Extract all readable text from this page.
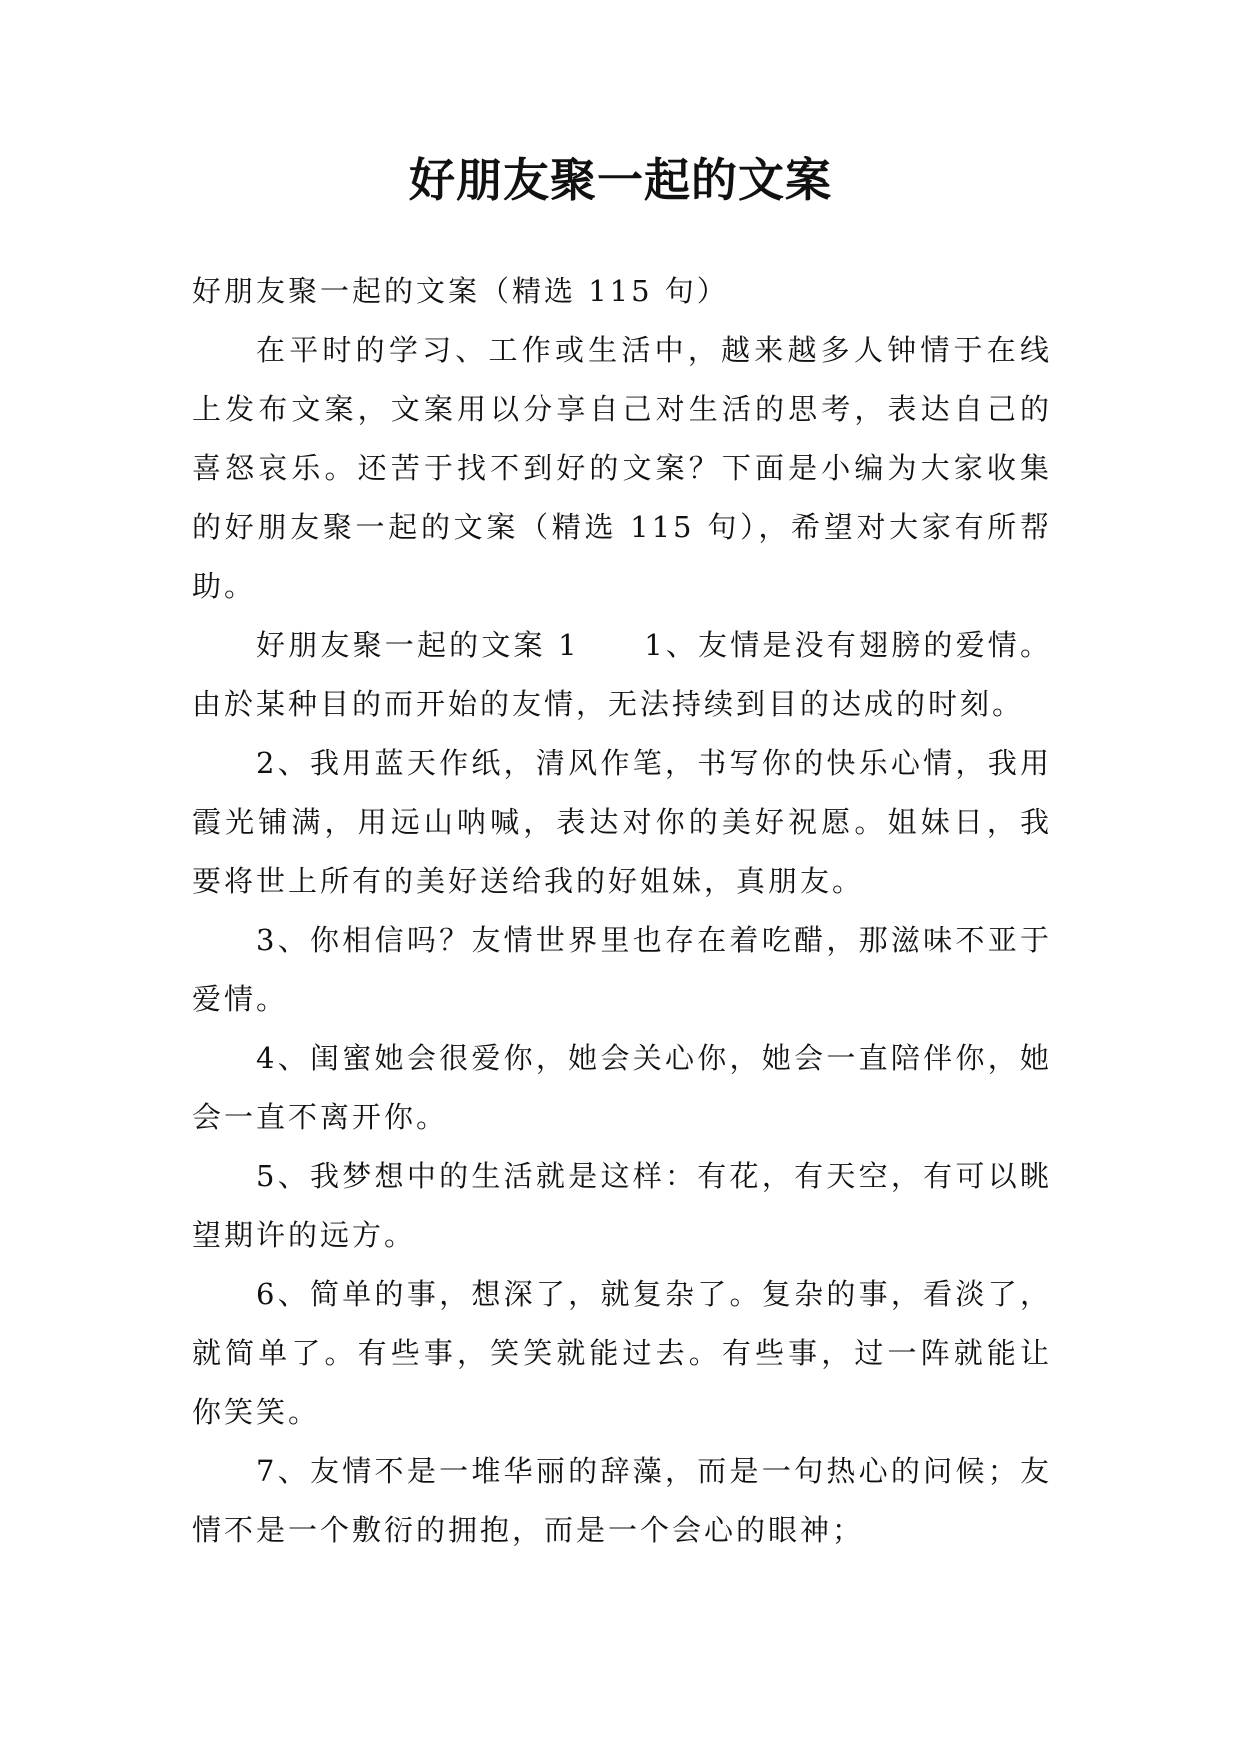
好朋友聚一起的文案

好朋友聚一起的文案（精选 115 句）

在平时的学习、工作或生活中，越来越多人钟情于在线上发布文案，文案用以分享自己对生活的思考，表达自己的喜怒哀乐。还苦于找不到好的文案？下面是小编为大家收集的好朋友聚一起的文案（精选 115 句），希望对大家有所帮助。

好朋友聚一起的文案 1　　1、友情是没有翅膀的爱情。由於某种目的而开始的友情，无法持续到目的达成的时刻。

2、我用蓝天作纸，清风作笔，书写你的快乐心情，我用霞光铺满，用远山呐喊，表达对你的美好祝愿。姐妹日，我要将世上所有的美好送给我的好姐妹，真朋友。

3、你相信吗？友情世界里也存在着吃醋，那滋味不亚于爱情。

4、闺蜜她会很爱你，她会关心你，她会一直陪伴你，她会一直不离开你。

5、我梦想中的生活就是这样：有花，有天空，有可以眺望期许的远方。

6、简单的事，想深了，就复杂了。复杂的事，看淡了，就简单了。有些事，笑笑就能过去。有些事，过一阵就能让你笑笑。

7、友情不是一堆华丽的辞藻，而是一句热心的问候；友情不是一个敷衍的拥抱，而是一个会心的眼神；
